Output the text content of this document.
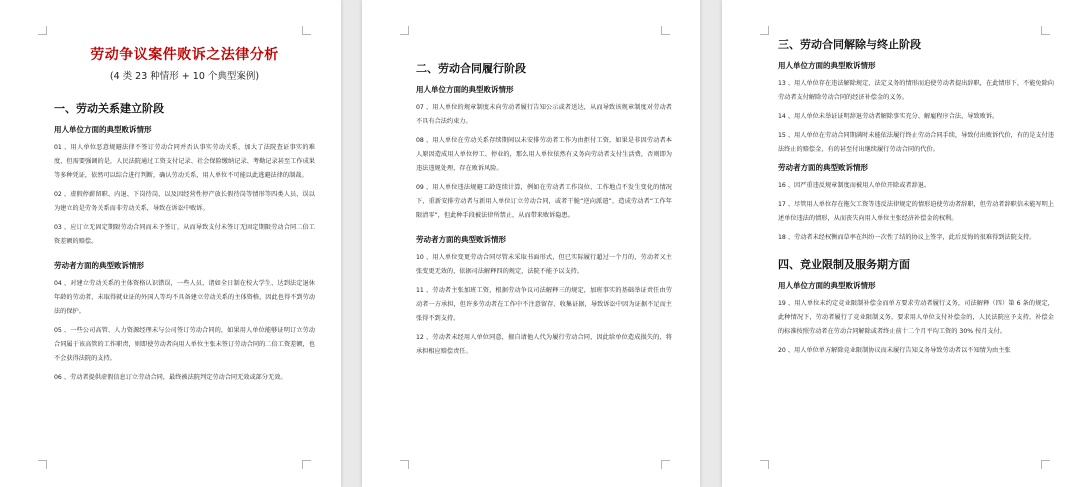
劳动争议案件败诉之法律分析
(4 类 23 种情形 + 10 个典型案例)
一、劳动关系建立阶段
用人单位方面的典型败诉情形

01 、用人单位恶意规避法律不签订劳动合同并否认事实劳动关系，加大了法院查证事实的难度，但需要强调的是，人民法院通过工资支付记录、社会保险缴纳记录、考勤记录甚至工作成果等多种凭证，依然可以综合进行判断，确认劳动关系，用人单位不可能以此逃避法律的制裁。

02 、虚假停薪留职、内退、下岗待岗，以及因经营性停产放长假待岗等情形等四类人员，误以为建立的是劳务关系而非劳动关系，导致在诉讼中败诉。

03 、应订立无固定期限劳动合同而未予签订，从而导致支付未签订无固定期限劳动合同二倍工资差额的赔偿。

劳动者方面的典型败诉情形

04 、对建立劳动关系的主体资格认识错误，一些人员，诸如全日制在校大学生、达到法定退休年龄的劳动者、未取得就业证的外国人等均不具备建立劳动关系的主体资格，因此也得不到劳动法的保护。

05 、一些公司高管、人力资源经理未与公司签订劳动合同的，如果用人单位能够证明订立劳动合同属于该高管的工作职责，则即使劳动者向用人单位主张未签订劳动合同的二倍工资差额，也不会获得法院的支持。

06 、劳动者提供虚假信息订立劳动合同，最终被法院判定劳动合同无效或部分无效。

二、劳动合同履行阶段
用人单位方面的典型败诉情形

07 、用人单位的规章制度未向劳动者履行告知公示或者送达，从而导致该规章制度对劳动者不具有合法约束力。

08 、用人单位在劳动关系存续期间以未安排劳动者工作为由拒付工资，如果是非因劳动者本人原因造成用人单位停工、停业的，那么用人单位依然有义务向劳动者支付生活费，否则即为违法违规处理，存在败诉风险。

09 、用人单位违法规避工龄连续计算，例如在劳动者工作岗位、工作地点不发生变化的情况下，重新安排劳动者与新用人单位订立劳动合同，或者干脆“逆向派遣”，造成劳动者“工作年限清零”，但此种手段被法律所禁止，从而带来败诉隐患。

劳动者方面的典型败诉情形

10 、用人单位变更劳动合同尽管未采取书面形式，但已实际履行超过一个月的，劳动者又主张变更无效的，依据司法解释四的规定，法院不能予以支持。

11 、劳动者主张加班工资，根据劳动争议司法解释三的规定，加班事实的基础举证责任由劳动者一方承担，但许多劳动者在工作中不注意留存、收集证据，导致诉讼中因为证据不足而主张得不到支持。

12 、劳动者未经用人单位同意，擅自请他人代为履行劳动合同，因此给单位造成损失的，将承担相应赔偿责任。

三、劳动合同解除与终止阶段
用人单位方面的典型败诉情形

13 、用人单位存在违法解除规定、法定义务的情形而迫使劳动者提出辞职，在此情形下，不能免除向劳动者支付解除劳动合同的经济补偿金的义务。

14 、用人单位未举证证明辞退劳动者解除事实充分、解雇程序合法，导致败诉。

15 、用人单位在劳动合同期满时未能依法履行终止劳动合同手续，导致付出败诉代价，有的是支付违法终止的赔偿金，有的甚至付出继续履行劳动合同的代价。

劳动者方面的典型败诉情形

16 、因严重违反规章制度而被用人单位开除或者辞退。

17 、尽管用人单位存在拖欠工资等违反法律规定的情形迫使劳动者辞职，但劳动者辞职信未能写明上述单位违法的情形，从而丧失向用人单位主张经济补偿金的权利。

18 、劳动者未经权衡而草率在纠纷一次性了结的协议上签字，此后反悔的很难得到法院支持。

四、竞业限制及服务期方面
用人单位方面的典型败诉情形

19 、用人单位未约定竞业限制补偿金而单方要求劳动者履行义务，司法解释（四）第 6 条的规定，此种情况下，劳动者履行了竞业限制义务，要求用人单位支付补偿金的，人民法院应予支持，补偿金的标准按照劳动者在劳动合同解除或者终止前十二个月平均工资的 30% 按月支付。

20 、用人单位单方解除竞业限制协议而未履行告知义务导致劳动者以不知情为由主张
